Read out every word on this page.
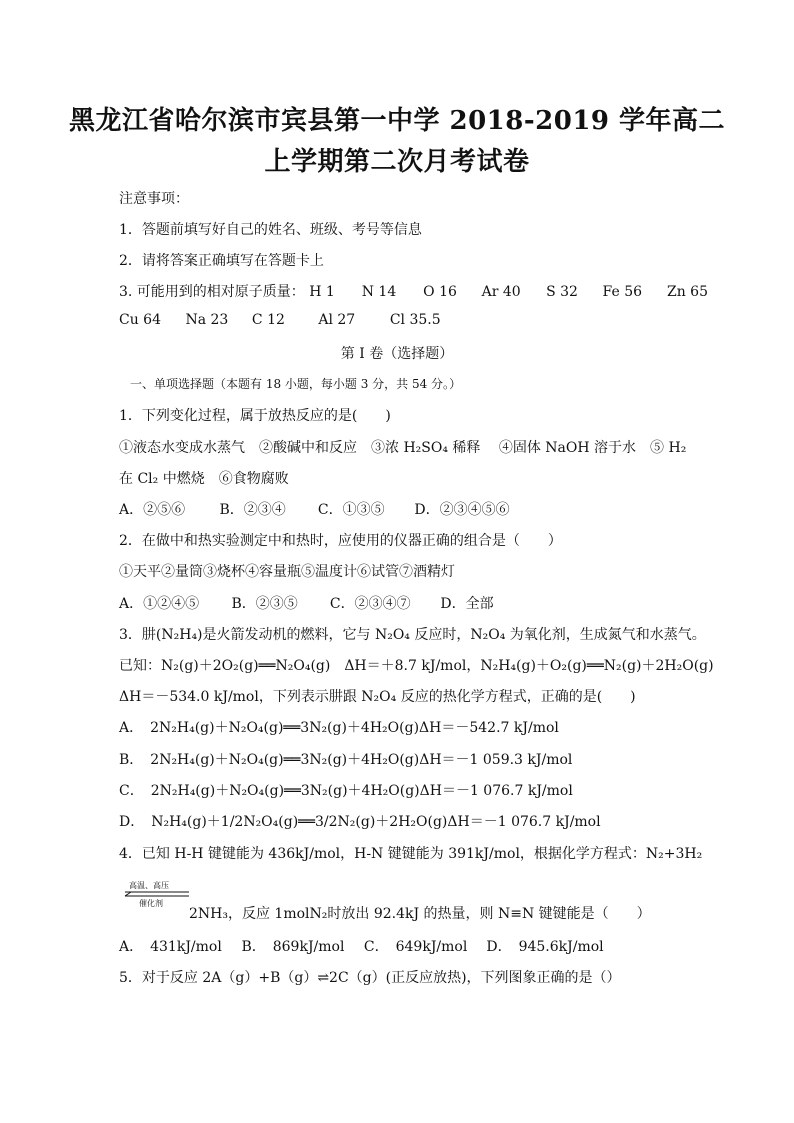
黑龙江省哈尔滨市宾县第一中学 2018-2019 学年高二
上学期第二次月考试卷
注意事项：
1．答题前填写好自己的姓名、班级、考号等信息
2．请将答案正确填写在答题卡上
3. 可能用到的相对原子质量： H 1 N 14 O 16 Ar 40 S 32 Fe 56 Zn 65
Cu 64 Na 23 C 12 Al 27 Cl 35.5
第 I 卷（选择题）
一、单项选择题（本题有 18 小题，每小题 3 分，共 54 分。）
1．下列变化过程，属于放热反应的是(　　)
①液态水变成水蒸气　②酸碱中和反应　③浓 H₂SO₄ 稀释　 ④固体 NaOH 溶于水　⑤ H₂
在 Cl₂ 中燃烧　⑥食物腐败
A．②⑤⑥ B．②③④ C．①③⑤ D．②③④⑤⑥
2．在做中和热实验测定中和热时，应使用的仪器正确的组合是（　　）
①天平②量筒③烧杯④容量瓶⑤温度计⑥试管⑦酒精灯
A．①②④⑤ B．②③⑤ C．②③④⑦ D．全部
3．肼(N₂H₄)是火箭发动机的燃料，它与 N₂O₄ 反应时，N₂O₄ 为氧化剂，生成氮气和水蒸气。
已知：N₂(g)＋2O₂(g)══N₂O₄(g)　ΔH＝＋8.7 kJ/mol，N₂H₄(g)＋O₂(g)══N₂(g)＋2H₂O(g)
ΔH＝－534.0 kJ/mol，下列表示肼跟 N₂O₄ 反应的热化学方程式，正确的是(　　)
A．　2N₂H₄(g)＋N₂O₄(g)══3N₂(g)＋4H₂O(g)ΔH＝－542.7 kJ/mol
B．　2N₂H₄(g)＋N₂O₄(g)══3N₂(g)＋4H₂O(g)ΔH＝－1 059.3 kJ/mol
C．　2N₂H₄(g)＋N₂O₄(g)══3N₂(g)＋4H₂O(g)ΔH＝－1 076.7 kJ/mol
D．　N₂H₄(g)＋1/2N₂O₄(g)══3/2N₂(g)＋2H₂O(g)ΔH＝－1 076.7 kJ/mol
4．已知 H-H 键键能为 436kJ/mol，H-N 键键能为 391kJ/mol，根据化学方程式：N₂+3H₂
高温、高压
催化剂
2NH₃，反应 1molN₂时放出 92.4kJ 的热量，则 N≡N 键键能是（　　）
A．　431kJ/mol B．　869kJ/mol C．　649kJ/mol D．　945.6kJ/mol
5．对于反应 2A（g）+B（g）⇌2C（g）(正反应放热)，下列图象正确的是（）
